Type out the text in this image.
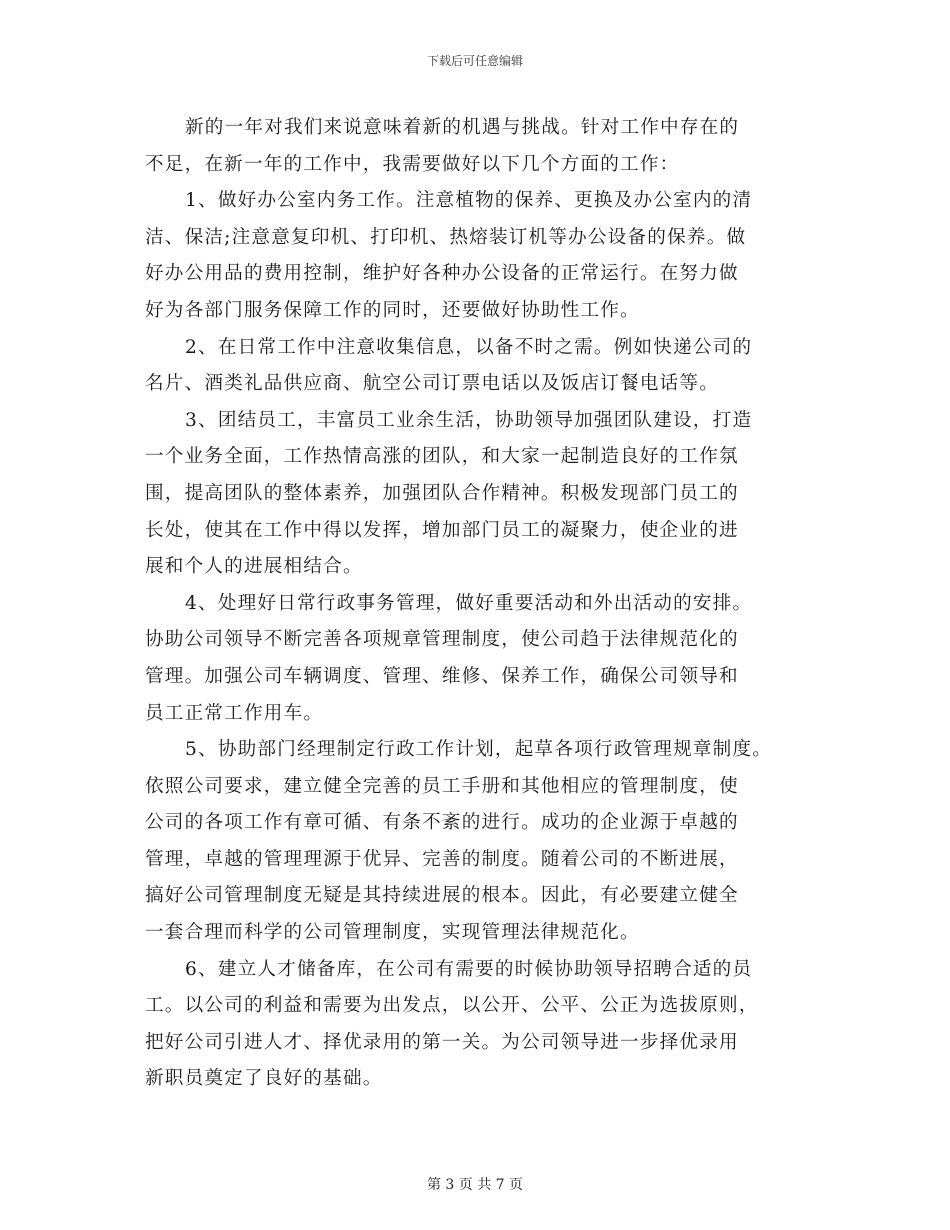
下载后可任意编辑
新的一年对我们来说意味着新的机遇与挑战。针对工作中存在的
不足，在新一年的工作中，我需要做好以下几个方面的工作：
1、做好办公室内务工作。注意植物的保养、更换及办公室内的清
洁、保洁;注意意复印机、打印机、热熔装订机等办公设备的保养。做
好办公用品的费用控制，维护好各种办公设备的正常运行。在努力做
好为各部门服务保障工作的同时，还要做好协助性工作。
2、在日常工作中注意收集信息，以备不时之需。例如快递公司的
名片、酒类礼品供应商、航空公司订票电话以及饭店订餐电话等。
3、团结员工，丰富员工业余生活，协助领导加强团队建设，打造
一个业务全面，工作热情高涨的团队，和大家一起制造良好的工作氛
围，提高团队的整体素养，加强团队合作精神。积极发现部门员工的
长处，使其在工作中得以发挥，增加部门员工的凝聚力，使企业的进
展和个人的进展相结合。
4、处理好日常行政事务管理，做好重要活动和外出活动的安排。
协助公司领导不断完善各项规章管理制度，使公司趋于法律规范化的
管理。加强公司车辆调度、管理、维修、保养工作，确保公司领导和
员工正常工作用车。
5、协助部门经理制定行政工作计划，起草各项行政管理规章制度。
依照公司要求，建立健全完善的员工手册和其他相应的管理制度，使
公司的各项工作有章可循、有条不紊的进行。成功的企业源于卓越的
管理，卓越的管理理源于优异、完善的制度。随着公司的不断进展，
搞好公司管理制度无疑是其持续进展的根本。因此，有必要建立健全
一套合理而科学的公司管理制度，实现管理法律规范化。
6、建立人才储备库，在公司有需要的时候协助领导招聘合适的员
工。以公司的利益和需要为出发点，以公开、公平、公正为选拔原则，
把好公司引进人才、择优录用的第一关。为公司领导进一步择优录用
新职员奠定了良好的基础。
第 3 页 共 7 页
